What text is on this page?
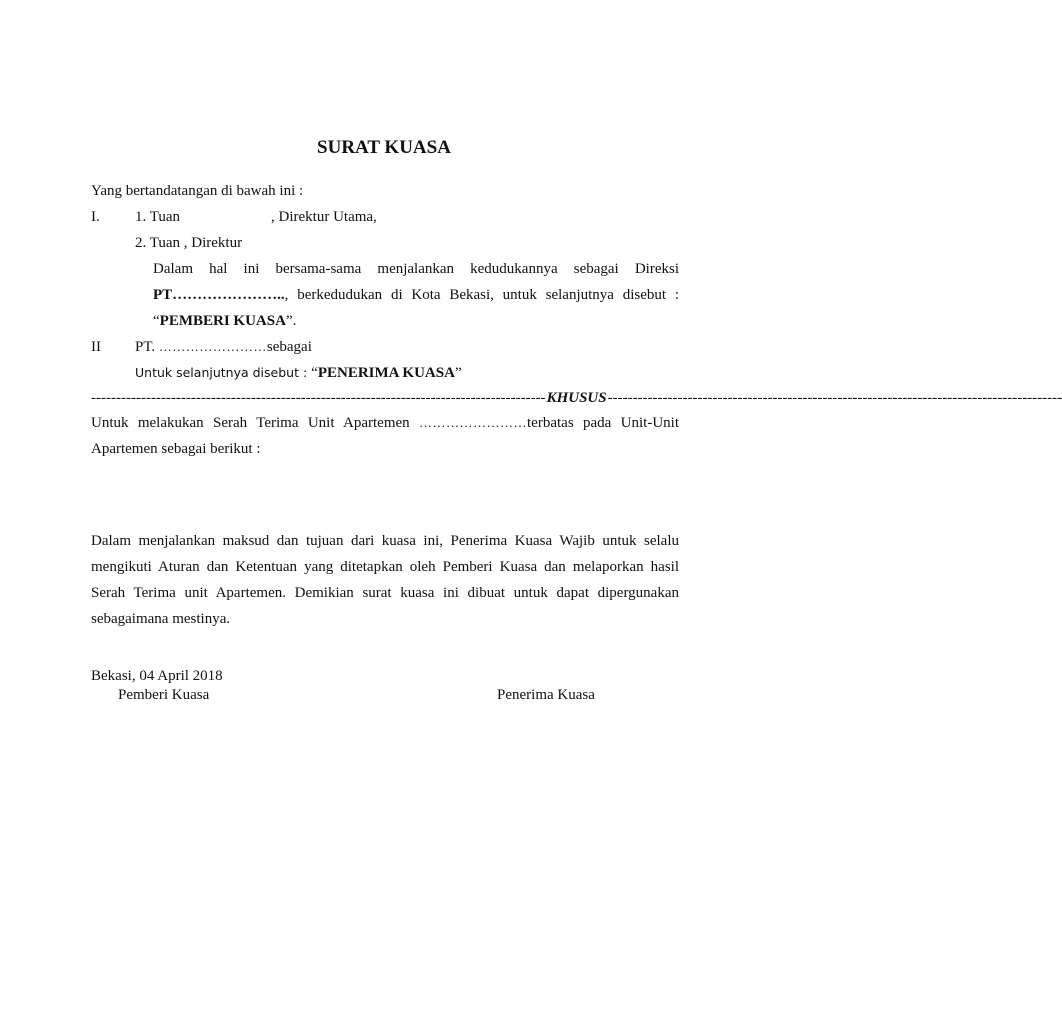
SURAT KUASA
Yang bertandatangan di bawah ini :
I. 1. Tuan	, Direktur Utama,
2. Tuan , Direktur
Dalam hal ini bersama-sama menjalankan kedudukannya sebagai Direksi
PT………………….., berkedudukan di Kota Bekasi, untuk selanjutnya disebut :
“PEMBERI KUASA”.
II PT. ……………………sebagai
Untuk selanjutnya disebut : “PENERIMA KUASA”
------------------------------------------------------------------------------------------- KHUSUS -------------------------------------------------------------------------------------------
Untuk melakukan Serah Terima Unit Apartemen ……………………terbatas pada Unit-Unit
Apartemen sebagai berikut :
Dalam menjalankan maksud dan tujuan dari kuasa ini, Penerima Kuasa Wajib untuk selalu mengikuti Aturan dan Ketentuan yang ditetapkan oleh Pemberi Kuasa dan melaporkan hasil Serah Terima unit Apartemen. Demikian surat kuasa ini dibuat untuk dapat dipergunakan sebagaimana mestinya.
Bekasi, 04 April 2018
Pemberi Kuasa	Penerima Kuasa
